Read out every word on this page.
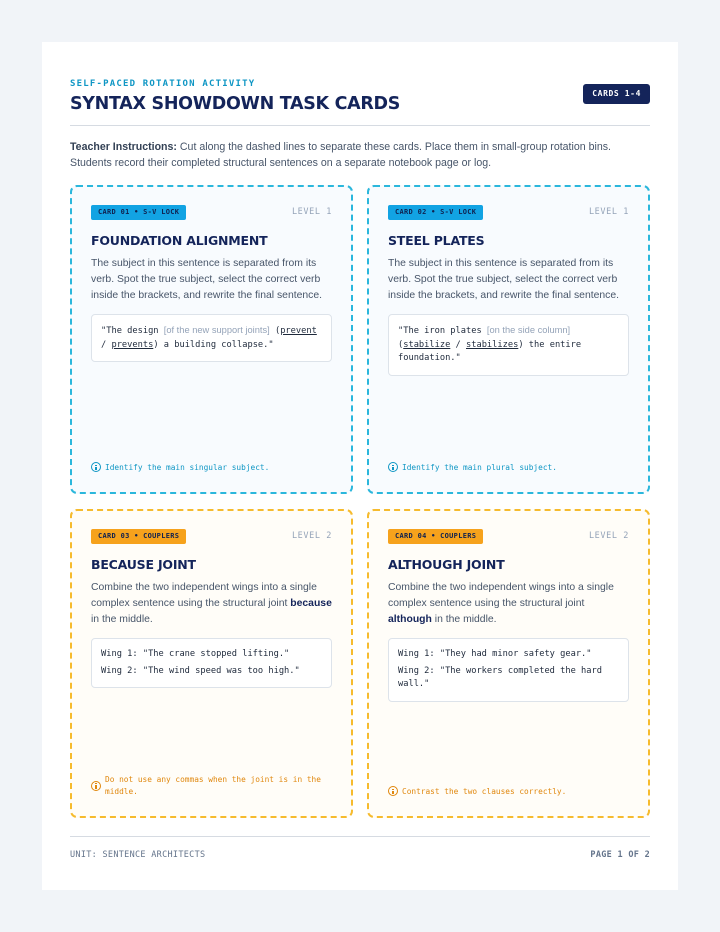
SELF-PACED ROTATION ACTIVITY
SYNTAX SHOWDOWN TASK CARDS
CARDS 1-4

Teacher Instructions: Cut along the dashed lines to separate these cards. Place them in small-group rotation bins. Students record their completed structural sentences on a separate notebook page or log.

CARD 01 • S-V LOCK	LEVEL 1
FOUNDATION ALIGNMENT
The subject in this sentence is separated from its verb. Spot the true subject, select the correct verb inside the brackets, and rewrite the final sentence.
"The design [of the new support joints] (prevent / prevents) a building collapse."
Identify the main singular subject.
CARD 02 • S-V LOCK	LEVEL 1
STEEL PLATES
The subject in this sentence is separated from its verb. Spot the true subject, select the correct verb inside the brackets, and rewrite the final sentence.
"The iron plates [on the side column] (stabilize / stabilizes) the entire foundation."
Identify the main plural subject.
CARD 03 • COUPLERS	LEVEL 2
BECAUSE JOINT
Combine the two independent wings into a single complex sentence using the structural joint because in the middle.
Wing 1: "The crane stopped lifting."
Wing 2: "The wind speed was too high."
Do not use any commas when the joint is in the middle.
CARD 04 • COUPLERS	LEVEL 2
ALTHOUGH JOINT
Combine the two independent wings into a single complex sentence using the structural joint although in the middle.
Wing 1: "They had minor safety gear."
Wing 2: "The workers completed the hard wall."
Contrast the two clauses correctly.
UNIT: SENTENCE ARCHITECTS	PAGE 1 OF 2
